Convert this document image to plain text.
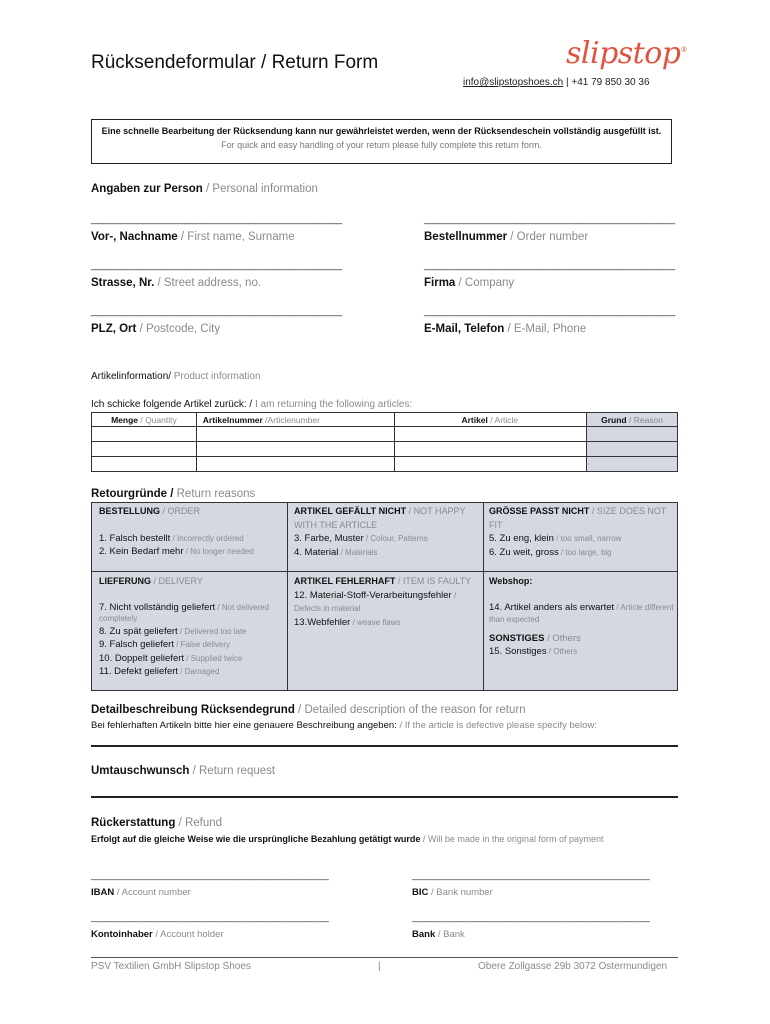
Rücksendeformular / Return Form	slipstop®
info@slipstopshoes.ch | +41 79 850 30 36
Eine schnelle Bearbeitung der Rücksendung kann nur gewährleistet werden, wenn der Rücksendeschein vollständig ausgefüllt ist.
For quick and easy handling of your return please fully complete this return form.
Angaben zur Person / Personal information
___________________________________________	___________________________________________
Vor-, Nachname / First name, Surname	Bestellnummer / Order number
___________________________________________	___________________________________________
Strasse, Nr. / Street address, no.	Firma / Company
___________________________________________	___________________________________________
PLZ, Ort / Postcode, City	E-Mail, Telefon / E-Mail, Phone
Artikelinformation/ Product information
Ich schicke folgende Artikel zurück: / I am returning the following articles:
Menge / Quantity	Artikelnummer /Articlenumber	Artikel / Article	Grund / Reason

Retourgründe / Return reasons
BESTELLUNG / ORDER
1. Falsch bestellt / Incorrectly ordered
2. Kein Bedarf mehr / No longer needed
ARTIKEL GEFÄLLT NICHT / NOT HAPPY WITH THE ARTICLE
3. Farbe, Muster / Colour, Patterns
4. Material / Materials
GRÖSSE PASST NICHT / SIZE DOES NOT FIT
5. Zu eng, klein / too small, narrow
6. Zu weit, gross / too large, big
LIEFERUNG / DELIVERY
7. Nicht vollständig geliefert / Not delivered completely
8. Zu spät geliefert / Delivered too late
9. Falsch geliefert / False delivery
10. Doppelt geliefert / Supplied twice
11. Defekt geliefert / Damaged
ARTIKEL FEHLERHAFT / ITEM IS FAULTY
12. Material-Stoff-Verarbeitungsfehler / Defects in material
13.Webfehler / weave flaws
Webshop:
14. Artikel anders als erwartet / Article different than expected
SONSTIGES / Others
15. Sonstiges / Others
Detailbeschreibung Rücksendegrund / Detailed description of the reason for return
Bei fehlerhaften Artikeln bitte hier eine genauere Beschreibung angeben: / If the article is defective please specify below:
Umtauschwunsch / Return request
Rückerstattung / Refund
Erfolgt auf die gleiche Weise wie die ursprüngliche Bezahlung getätigt wurde / Will be made in the original form of payment
_____________________________________________	_____________________________________________
IBAN / Account number	BIC / Bank number
_____________________________________________	_____________________________________________
Kontoinhaber / Account holder	Bank / Bank
PSV Textilien GmbH Slipstop Shoes	|	Obere Zollgasse 29b 3072 Ostermundigen
